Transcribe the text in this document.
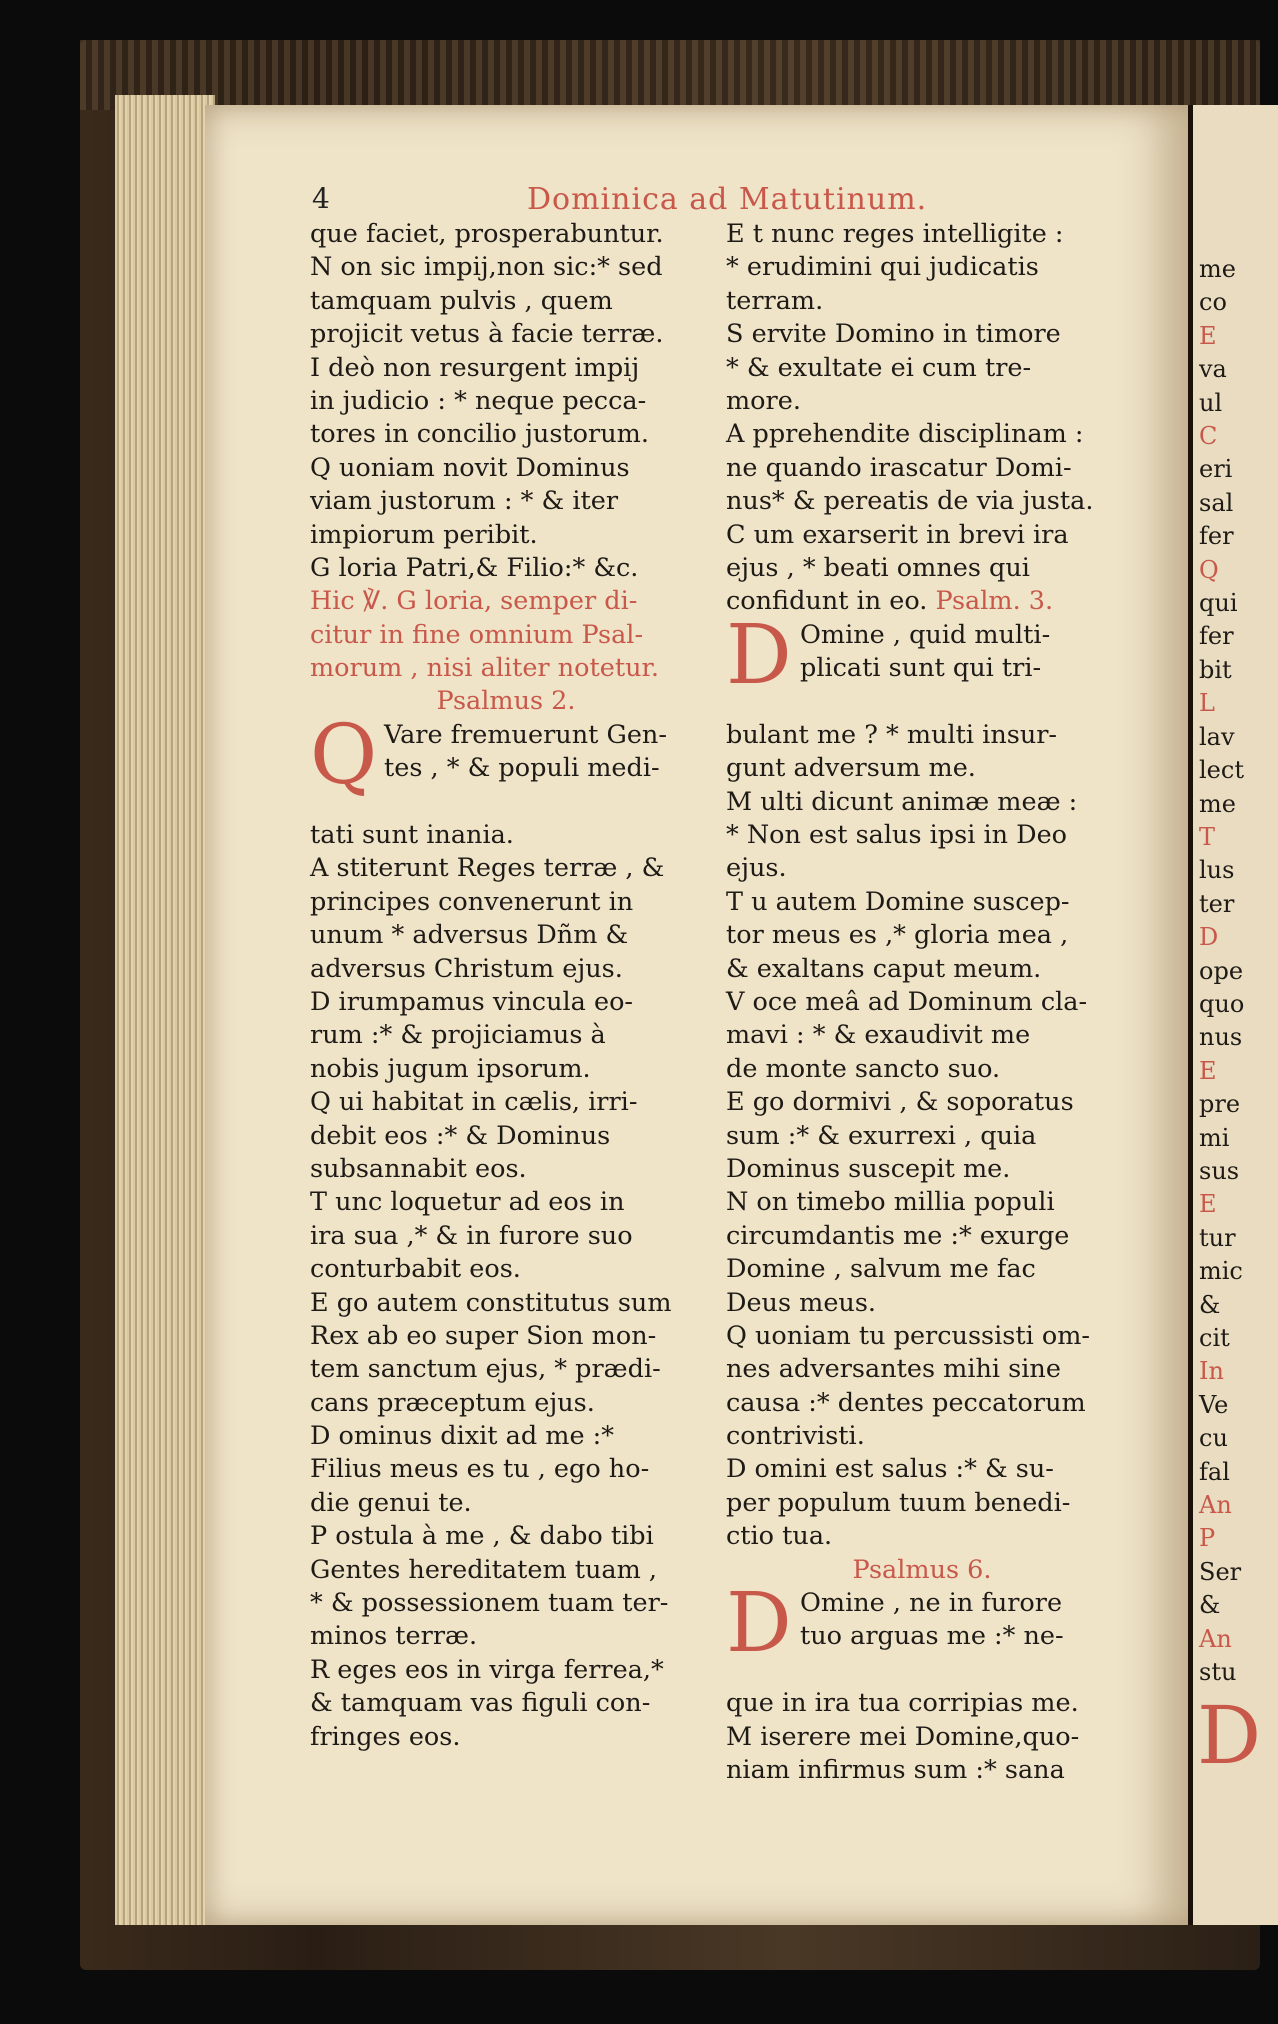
me
co
E
va
ul
C
eri
sal
fer
Q
qui
fer
bit
L
lav
lect
me
T
lus
ter
D
ope
quo
nus
E
pre
mi
sus
E
tur
mic
&
cit
In
Ve
cu
fal
An
P
Ser
&
An
stu
D
4	Dominica ad Matutinum.
que faciet, prosperabuntur.
N on sic impij,non sic:* sed
tamquam pulvis , quem
projicit vetus à facie terræ.
I deò non resurgent impij
in judicio : * neque pecca-
tores in concilio justorum.
Q uoniam novit Dominus
viam justorum : * & iter
impiorum peribit.
G loria Patri,& Filio:* &c.
Hic ℣. G loria, semper di-
citur in fine omnium Psal-
morum , nisi aliter notetur.
Psalmus 2.
Q Vare fremuerunt Gen-
tes , * & populi medi-
tati sunt inania.
A stiterunt Reges terræ , &
principes convenerunt in
unum * adversus Dñm &
adversus Christum ejus.
D irumpamus vincula eo-
rum :* & projiciamus à
nobis jugum ipsorum.
Q ui habitat in cælis, irri-
debit eos :* & Dominus
subsannabit eos.
T unc loquetur ad eos in
ira sua ,* & in furore suo
conturbabit eos.
E go autem constitutus sum
Rex ab eo super Sion mon-
tem sanctum ejus, * prædi-
cans præceptum ejus.
D ominus dixit ad me :*
Filius meus es tu , ego ho-
die genui te.
P ostula à me , & dabo tibi
Gentes hereditatem tuam ,
* & possessionem tuam ter-
minos terræ.
R eges eos in virga ferrea,*
& tamquam vas figuli con-
fringes eos.
E t nunc reges intelligite :
* erudimini qui judicatis
terram.
S ervite Domino in timore
* & exultate ei cum tre-
more.
A pprehendite disciplinam :
ne quando irascatur Domi-
nus* & pereatis de via justa.
C um exarserit in brevi ira
ejus , * beati omnes qui
confidunt in eo. Psalm. 3.
D Omine , quid multi-
plicati sunt qui tri-
bulant me ? * multi insur-
gunt adversum me.
M ulti dicunt animæ meæ :
* Non est salus ipsi in Deo
ejus.
T u autem Domine suscep-
tor meus es ,* gloria mea ,
& exaltans caput meum.
V oce meâ ad Dominum cla-
mavi : * & exaudivit me
de monte sancto suo.
E go dormivi , & soporatus
sum :* & exurrexi , quia
Dominus suscepit me.
N on timebo millia populi
circumdantis me :* exurge
Domine , salvum me fac
Deus meus.
Q uoniam tu percussisti om-
nes adversantes mihi sine
causa :* dentes peccatorum
contrivisti.
D omini est salus :* & su-
per populum tuum benedi-
ctio tua.
Psalmus 6.
D Omine , ne in furore
tuo arguas me :* ne-
que in ira tua corripias me.
M iserere mei Domine,quo-
niam infirmus sum :* sana
